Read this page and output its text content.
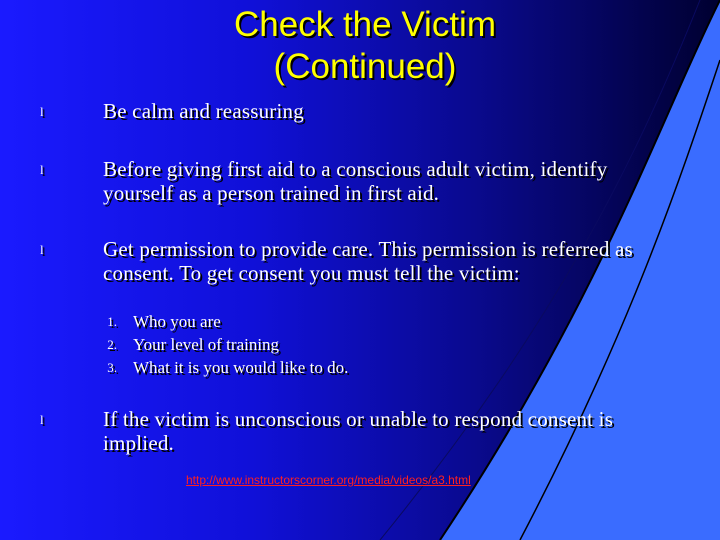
Check the Victim
(Continued)
l	Be calm and reassuring
l	Before giving first aid to a conscious adult victim, identify yourself as a person trained in first aid.
l	Get permission to provide care. This permission is referred as consent. To get consent you must tell the victim:
1. Who you are
2. Your level of training
3. What it is you would like to do.
l	If the victim is unconscious or unable to respond consent is implied.
http://www.instructorscorner.org/media/videos/a3.html
